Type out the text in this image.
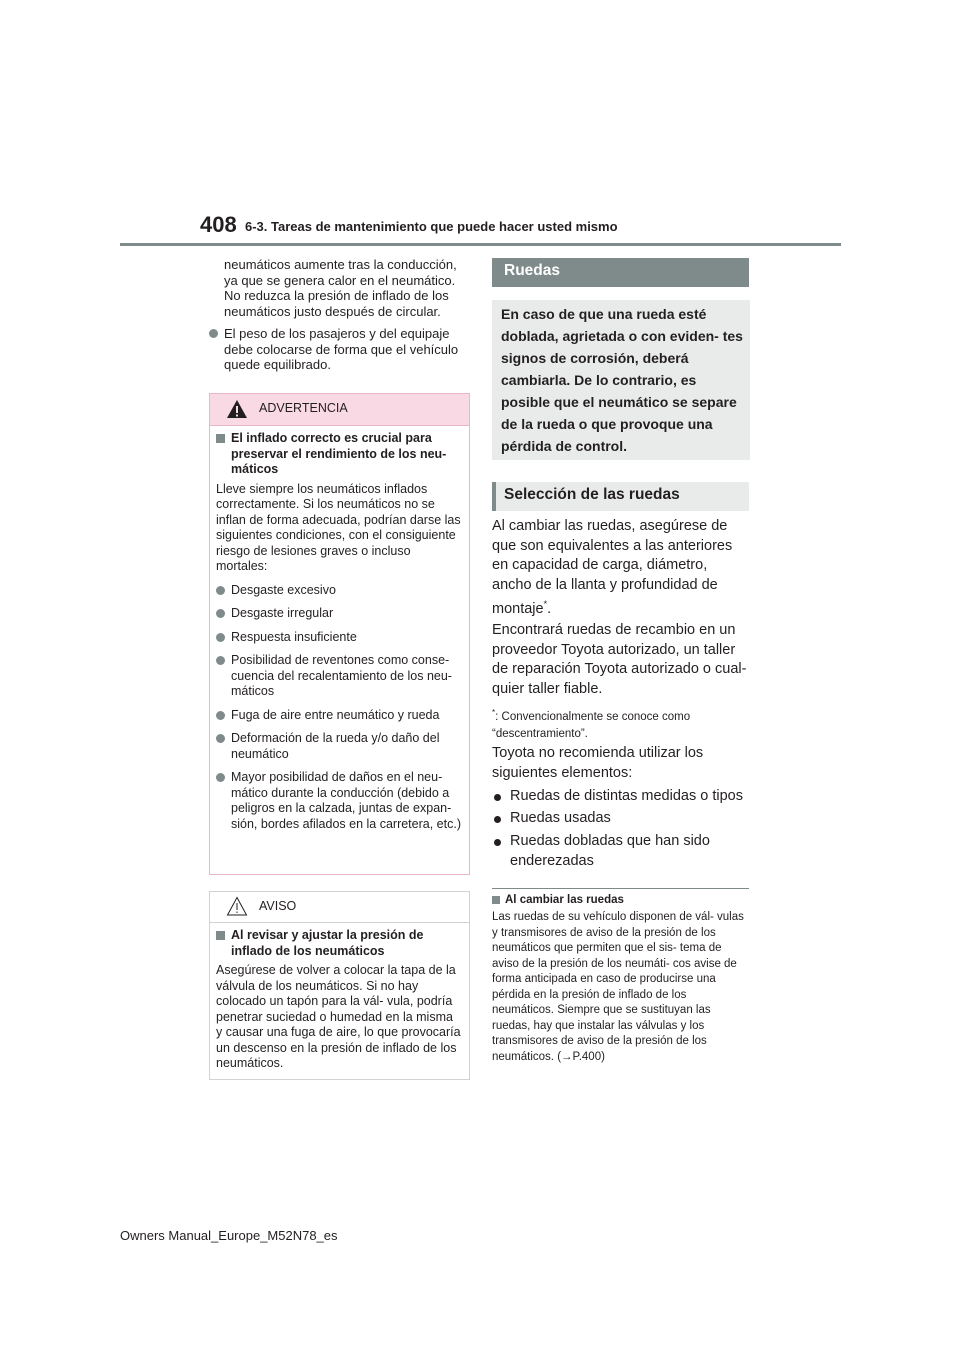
408 6-3. Tareas de mantenimiento que puede hacer usted mismo
neumáticos aumente tras la conducción, ya que se genera calor en el neumático. No reduzca la presión de inflado de los neumáticos justo después de circular.
El peso de los pasajeros y del equipaje debe colocarse de forma que el vehículo quede equilibrado.
ADVERTENCIA
El inflado correcto es crucial para preservar el rendimiento de los neu- máticos
Lleve siempre los neumáticos inflados correctamente. Si los neumáticos no se inflan de forma adecuada, podrían darse las siguientes condiciones, con el consiguiente riesgo de lesiones graves o incluso mortales:
Desgaste excesivo
Desgaste irregular
Respuesta insuficiente
Posibilidad de reventones como conse- cuencia del recalentamiento de los neu- máticos
Fuga de aire entre neumático y rueda
Deformación de la rueda y/o daño del neumático
Mayor posibilidad de daños en el neu- mático durante la conducción (debido a peligros en la calzada, juntas de expan- sión, bordes afilados en la carretera, etc.)
AVISO
Al revisar y ajustar la presión de inflado de los neumáticos
Asegúrese de volver a colocar la tapa de la válvula de los neumáticos. Si no hay colocado un tapón para la vál- vula, podría penetrar suciedad o humedad en la misma y causar una fuga de aire, lo que provocaría un descenso en la presión de inflado de los neumáticos.
Ruedas
En caso de que una rueda esté doblada, agrietada o con eviden- tes signos de corrosión, deberá cambiarla. De lo contrario, es posible que el neumático se separe de la rueda o que provoque una pérdida de control.
Selección de las ruedas
Al cambiar las ruedas, asegúrese de que son equivalentes a las anteriores en capacidad de carga, diámetro, ancho de la llanta y profundidad de montaje*.
Encontrará ruedas de recambio en un proveedor Toyota autorizado, un taller de reparación Toyota autorizado o cual- quier taller fiable.
*: Convencionalmente se conoce como “descentramiento”.
Toyota no recomienda utilizar los siguientes elementos:
Ruedas de distintas medidas o tipos
Ruedas usadas
Ruedas dobladas que han sido enderezadas
Al cambiar las ruedas
Las ruedas de su vehículo disponen de vál- vulas y transmisores de aviso de la presión de los neumáticos que permiten que el sis- tema de aviso de la presión de los neumáti- cos avise de forma anticipada en caso de producirse una pérdida en la presión de inflado de los neumáticos. Siempre que se sustituyan las ruedas, hay que instalar las válvulas y los transmisores de aviso de la presión de los neumáticos. (→P.400)
Owners Manual_Europe_M52N78_es
